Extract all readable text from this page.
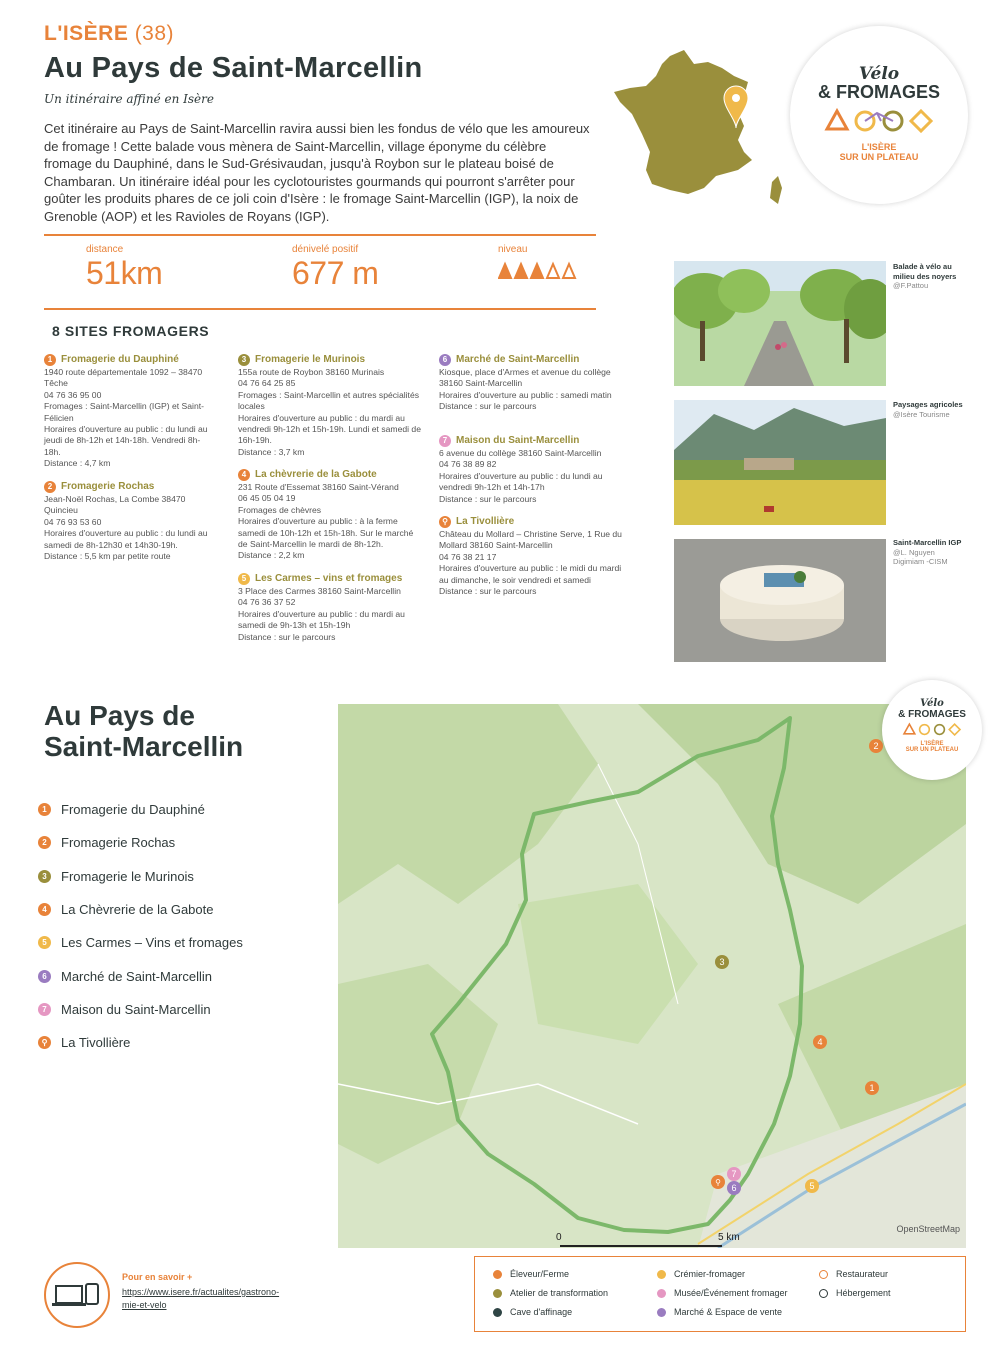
L'ISÈRE (38)
Au Pays de Saint-Marcellin
Un itinéraire affiné en Isère
Cet itinéraire au Pays de Saint-Marcellin ravira aussi bien les fondus de vélo que les amoureux de fromage ! Cette balade vous mènera de Saint-Marcellin, village éponyme du célèbre fromage du Dauphiné, dans le Sud-Grésivaudan, jusqu'à Roybon sur le plateau boisé de Chambaran. Un itinéraire idéal pour les cyclotouristes gourmands qui pourront s'arrêter pour goûter les produits phares de ce joli coin d'Isère : le fromage Saint-Marcellin (IGP), la noix de Grenoble (AOP) et les Ravioles de Royans (IGP).
Vélo
& FROMAGES
L'ISÈRE
SUR UN PLATEAU
distance
51km
dénivelé positif
677 m
niveau
8 SITES FROMAGERS
1 Fromagerie du Dauphiné

1940 route départementale 1092 – 38470 Têche
04 76 36 95 00
Fromages : Saint-Marcellin (IGP) et Saint-Félicien
Horaires d'ouverture au public : du lundi au jeudi de 8h-12h et 14h-18h. Vendredi 8h-18h.
Distance : 4,7 km

2 Fromagerie Rochas

Jean-Noël Rochas, La Combe 38470 Quincieu
04 76 93 53 60
Horaires d'ouverture au public : du lundi au samedi de 8h-12h30 et 14h30-19h.
Distance : 5,5 km par petite route

3 Fromagerie le Murinois

155a route de Roybon 38160 Murinais
04 76 64 25 85
Fromages : Saint-Marcellin et autres spécialités locales
Horaires d'ouverture au public : du mardi au vendredi 9h-12h et 15h-19h. Lundi et samedi de 16h-19h.
Distance : 3,7 km

4 La chèvrerie de la Gabote

231 Route d'Essemat 38160 Saint-Vérand
06 45 05 04 19
Fromages de chèvres
Horaires d'ouverture au public : à la ferme samedi de 10h-12h et 15h-18h. Sur le marché de Saint-Marcellin le mardi de 8h-12h.
Distance : 2,2 km

5 Les Carmes – vins et fromages

3 Place des Carmes 38160 Saint-Marcellin
04 76 36 37 52
Horaires d'ouverture au public : du mardi au samedi de 9h-13h et 15h-19h
Distance : sur le parcours

6 Marché de Saint-Marcellin

Kiosque, place d'Armes et avenue du collège 38160 Saint-Marcellin
Horaires d'ouverture au public : samedi matin
Distance : sur le parcours

7 Maison du Saint-Marcellin

6 avenue du collège 38160 Saint-Marcellin
04 76 38 89 82
Horaires d'ouverture au public : du lundi au vendredi 9h-12h et 14h-17h
Distance : sur le parcours

⚲ La Tivollière

Château du Mollard – Christine Serve, 1 Rue du Mollard 38160 Saint-Marcellin
04 76 38 21 17
Horaires d'ouverture au public : le midi du mardi au dimanche, le soir vendredi et samedi
Distance : sur le parcours

Balade à vélo au milieu des noyers
@F.Pattou
Paysages agricoles
@Isère Tourisme
Saint-Marcellin IGP
@L. Nguyen Digimiam -CISM
Au Pays de
Saint-Marcellin
1	Fromagerie du Dauphiné
2	Fromagerie Rochas
3	Fromagerie le Murinois
4	La Chèvrerie de la Gabote
5	Les Carmes – Vins et fromages
6	Marché de Saint-Marcellin
7	Maison du Saint-Marcellin
⚲ La Tivollière
2
3
4
1
5
7
6
⚲
0	5 km
OpenStreetMap
Vélo
& FROMAGES
L'ISÈRE
SUR UN PLATEAU
Pour en savoir +
https://www.isere.fr/actualites/gastrono-
mie-et-velo
Éleveur/Ferme
Atelier de transformation
Cave d'affinage
Crémier-fromager
Musée/Événement fromager
Marché & Espace de vente
Restaurateur
Hébergement
